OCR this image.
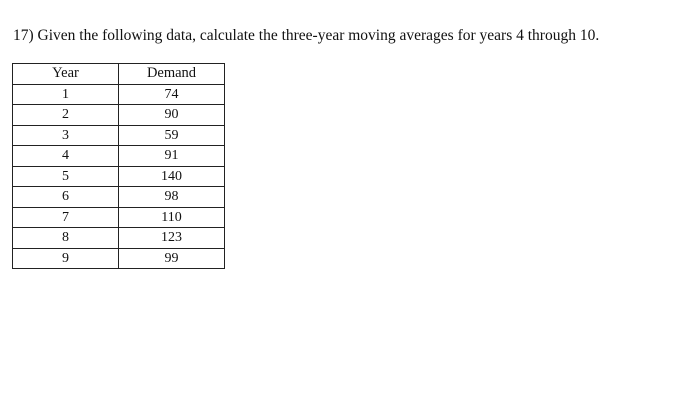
17) Given the following data, calculate the three-year moving averages for years 4 through 10.
Year	Demand
1	74
2	90
3	59
4	91
5	140
6	98
7	110
8	123
9	99
